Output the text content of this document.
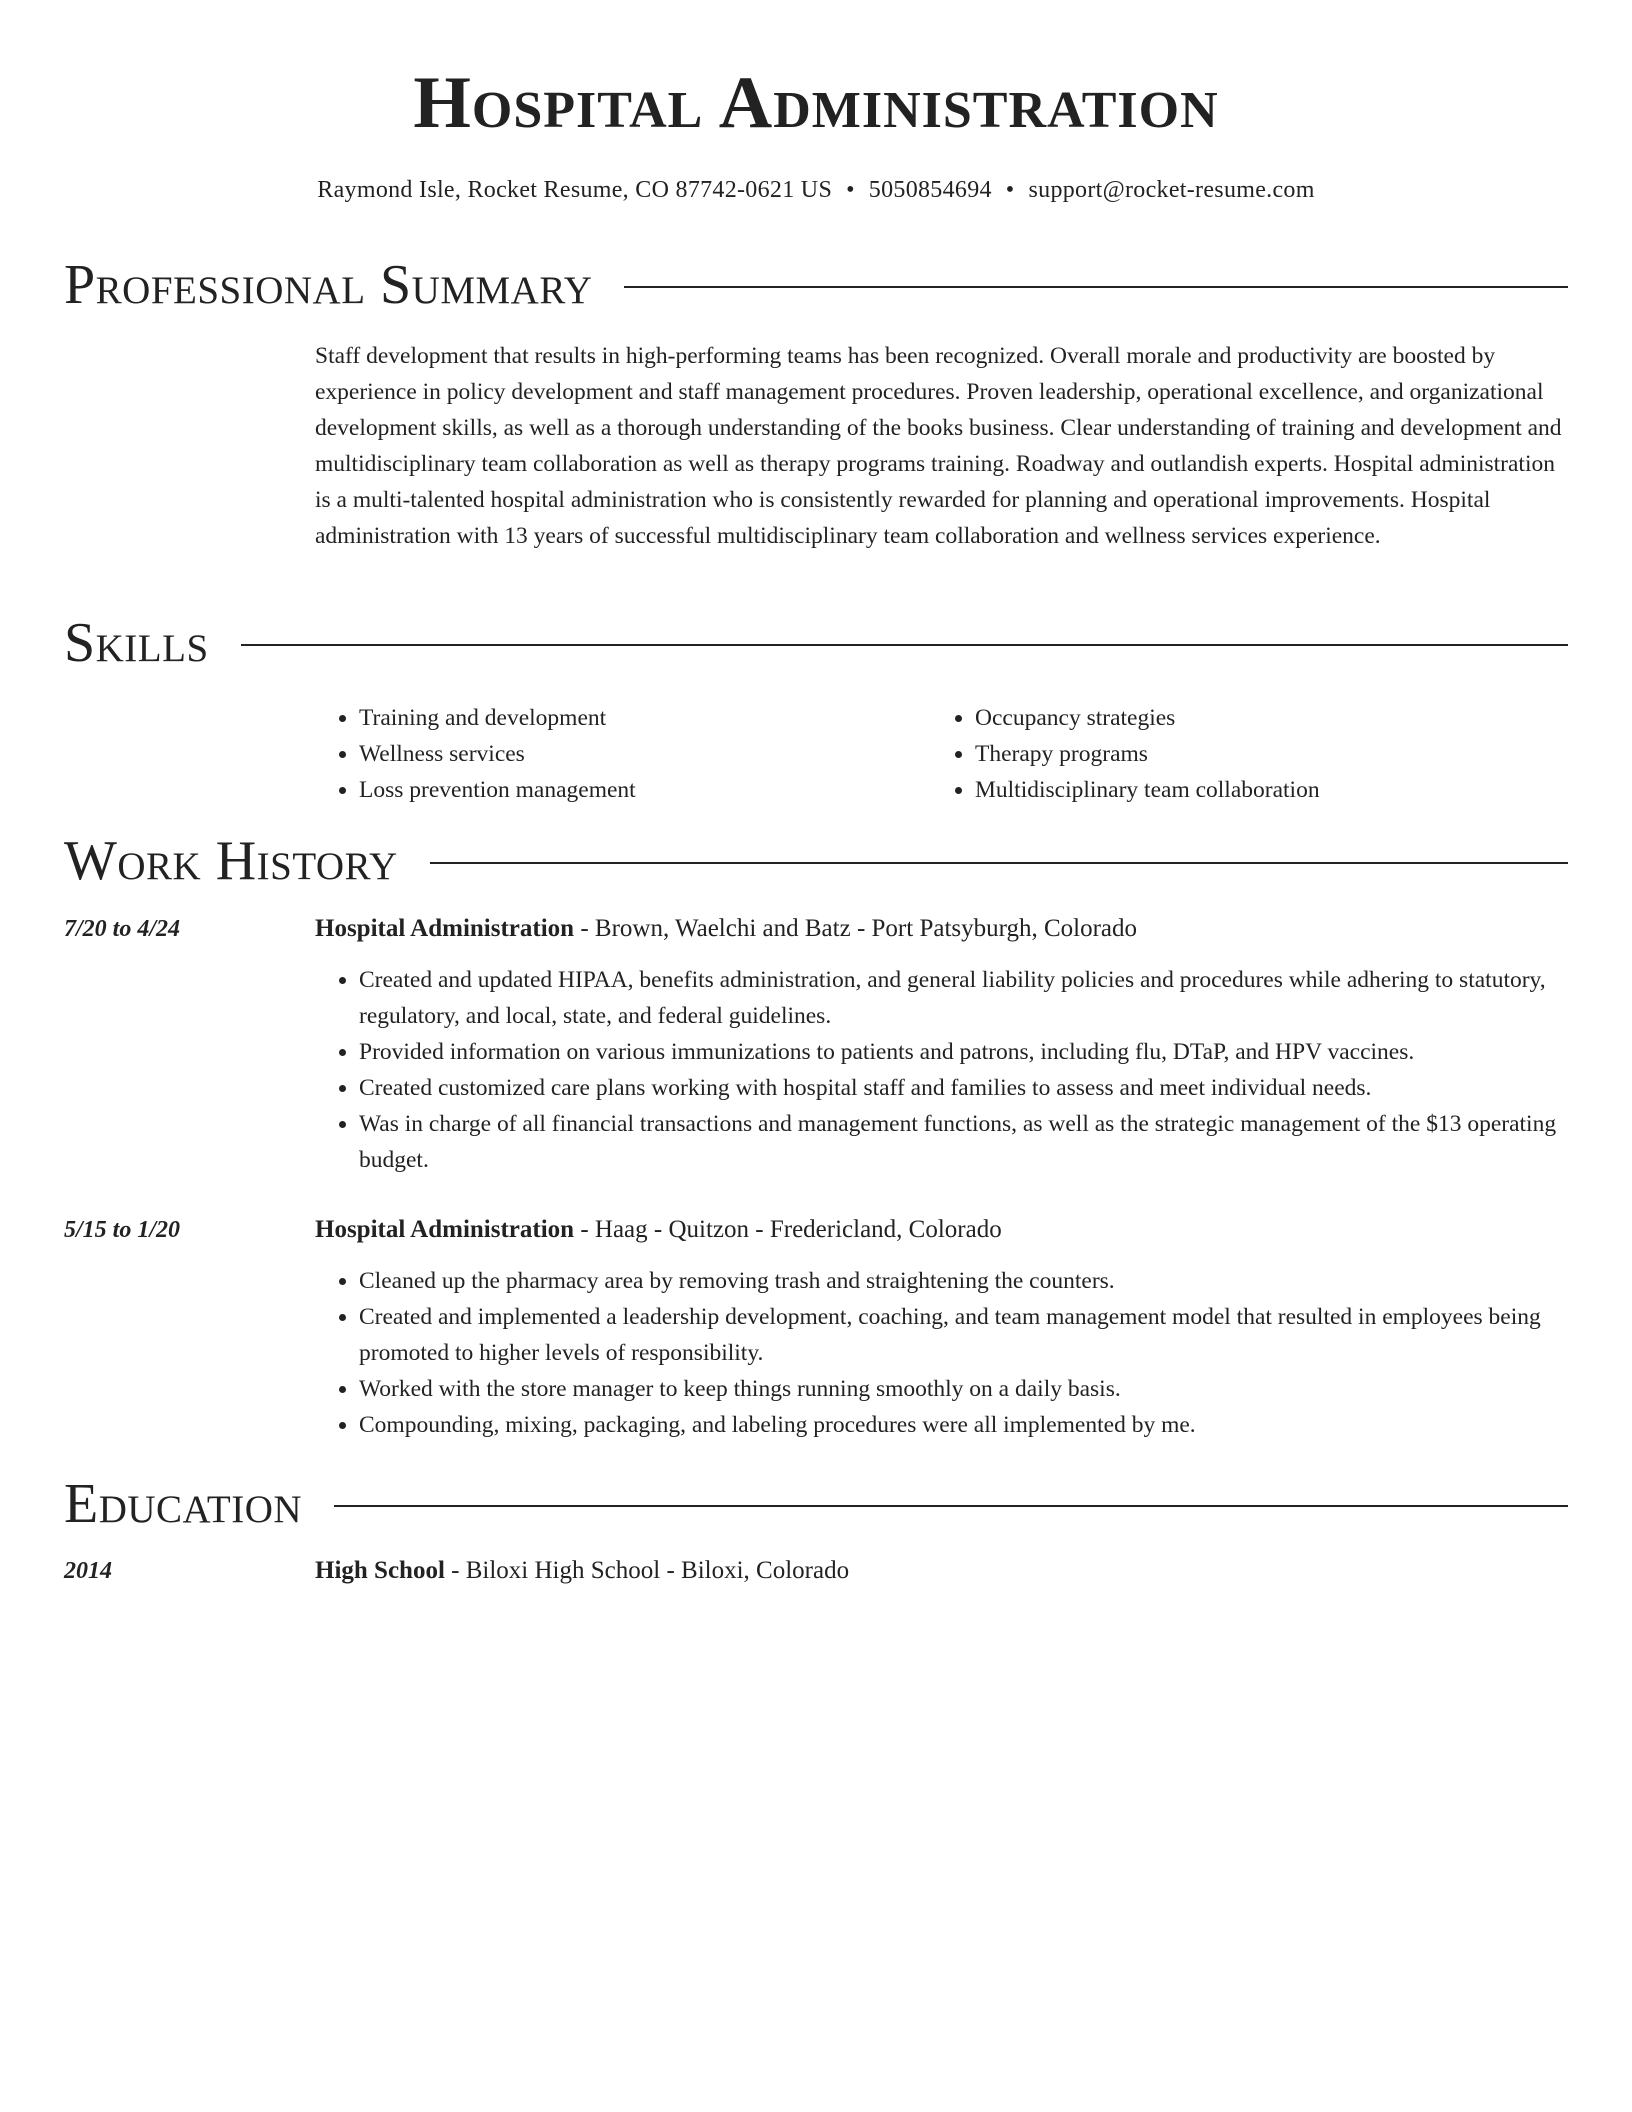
Hospital Administration
Raymond Isle, Rocket Resume, CO 87742-0621 US • 5050854694 • support@rocket-resume.com
Professional Summary
Staff development that results in high-performing teams has been recognized. Overall morale and productivity are boosted by experience in policy development and staff management procedures. Proven leadership, operational excellence, and organizational development skills, as well as a thorough understanding of the books business. Clear understanding of training and development and multidisciplinary team collaboration as well as therapy programs training. Roadway and outlandish experts. Hospital administration is a multi-talented hospital administration who is consistently rewarded for planning and operational improvements. Hospital administration with 13 years of successful multidisciplinary team collaboration and wellness services experience.
Skills
• Training and development
• Wellness services
• Loss prevention management
• Occupancy strategies
• Therapy programs
• Multidisciplinary team collaboration
Work History
7/20 to 4/24	Hospital Administration - Brown, Waelchi and Batz - Port Patsyburgh, Colorado
• Created and updated HIPAA, benefits administration, and general liability policies and procedures while adhering to statutory, regulatory, and local, state, and federal guidelines.
• Provided information on various immunizations to patients and patrons, including flu, DTaP, and HPV vaccines.
• Created customized care plans working with hospital staff and families to assess and meet individual needs.
• Was in charge of all financial transactions and management functions, as well as the strategic management of the $13 operating budget.
5/15 to 1/20	Hospital Administration - Haag - Quitzon - Fredericland, Colorado
• Cleaned up the pharmacy area by removing trash and straightening the counters.
• Created and implemented a leadership development, coaching, and team management model that resulted in employees being promoted to higher levels of responsibility.
• Worked with the store manager to keep things running smoothly on a daily basis.
• Compounding, mixing, packaging, and labeling procedures were all implemented by me.
Education
2014	High School - Biloxi High School - Biloxi, Colorado
